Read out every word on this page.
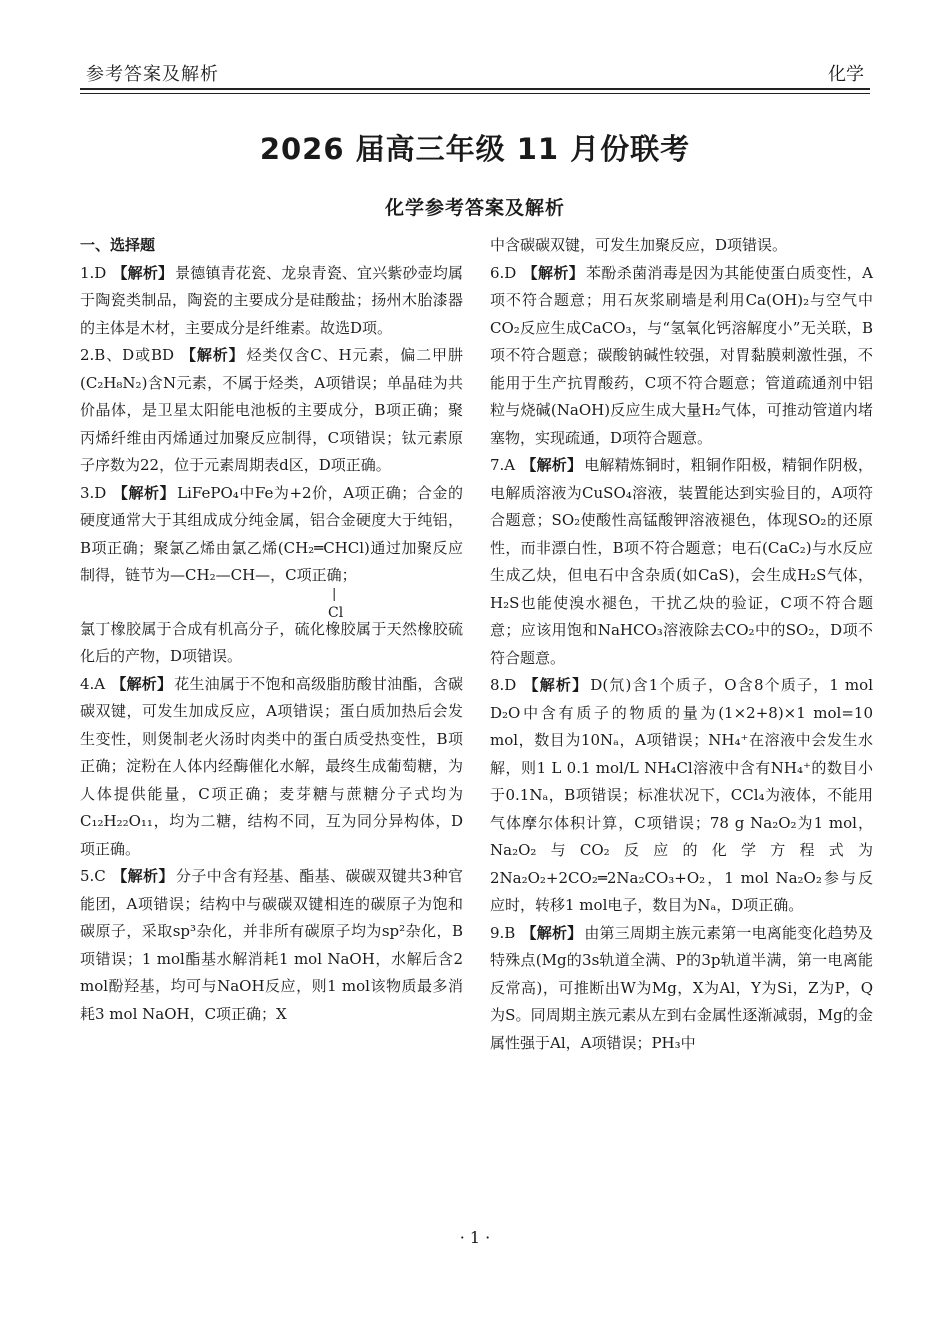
参考答案及解析	化学
2026 届高三年级 11 月份联考
化学参考答案及解析
一、选择题

1.D 【解析】 景德镇青花瓷、龙泉青瓷、宜兴紫砂壶均属于陶瓷类制品，陶瓷的主要成分是硅酸盐；扬州木胎漆器的主体是木材，主要成分是纤维素。故选D项。

2.B、D或BD 【解析】 烃类仅含C、H元素，偏二甲肼(C₂H₈N₂)含N元素，不属于烃类，A项错误；单晶硅为共价晶体，是卫星太阳能电池板的主要成分，B项正确；聚丙烯纤维由丙烯通过加聚反应制得，C项错误；钛元素原子序数为22，位于元素周期表d区，D项正确。

3.D 【解析】 LiFePO₄中Fe为+2价，A项正确；合金的硬度通常大于其组成成分纯金属，铝合金硬度大于纯铝，B项正确；聚氯乙烯由氯乙烯(CH₂═CHCl)通过加聚反应制得，链节为—CH₂—CH—，C项正确；

|
Cl

氯丁橡胶属于合成有机高分子，硫化橡胶属于天然橡胶硫化后的产物，D项错误。

4.A 【解析】 花生油属于不饱和高级脂肪酸甘油酯，含碳碳双键，可发生加成反应，A项错误；蛋白质加热后会发生变性，则煲制老火汤时肉类中的蛋白质受热变性，B项正确；淀粉在人体内经酶催化水解，最终生成葡萄糖，为人体提供能量，C项正确；麦芽糖与蔗糖分子式均为C₁₂H₂₂O₁₁，均为二糖，结构不同，互为同分异构体，D项正确。

5.C 【解析】 分子中含有羟基、酯基、碳碳双键共3种官能团，A项错误；结构中与碳碳双键相连的碳原子为饱和碳原子，采取sp³杂化，并非所有碳原子均为sp²杂化，B项错误；1 mol酯基水解消耗1 mol NaOH，水解后含2 mol酚羟基，均可与NaOH反应，则1 mol该物质最多消耗3 mol NaOH，C项正确；X

中含碳碳双键，可发生加聚反应，D项错误。

6.D 【解析】 苯酚杀菌消毒是因为其能使蛋白质变性，A项不符合题意；用石灰浆刷墙是利用Ca(OH)₂与空气中CO₂反应生成CaCO₃，与“氢氧化钙溶解度小”无关联，B项不符合题意；碳酸钠碱性较强，对胃黏膜刺激性强，不能用于生产抗胃酸药，C项不符合题意；管道疏通剂中铝粒与烧碱(NaOH)反应生成大量H₂气体，可推动管道内堵塞物，实现疏通，D项符合题意。

7.A 【解析】 电解精炼铜时，粗铜作阳极，精铜作阴极，电解质溶液为CuSO₄溶液，装置能达到实验目的，A项符合题意；SO₂使酸性高锰酸钾溶液褪色，体现SO₂的还原性，而非漂白性，B项不符合题意；电石(CaC₂)与水反应生成乙炔，但电石中含杂质(如CaS)，会生成H₂S气体，H₂S也能使溴水褪色，干扰乙炔的验证，C项不符合题意；应该用饱和NaHCO₃溶液除去CO₂中的SO₂，D项不符合题意。

8.D 【解析】 D(氘)含1个质子，O含8个质子，1 mol D₂O中含有质子的物质的量为(1×2+8)×1 mol=10 mol，数目为10Nₐ，A项错误；NH₄⁺在溶液中会发生水解，则1 L 0.1 mol/L NH₄Cl溶液中含有NH₄⁺的数目小于0.1Nₐ，B项错误；标准状况下，CCl₄为液体，不能用气体摩尔体积计算，C项错误；78 g Na₂O₂为1 mol，Na₂O₂与CO₂反应的化学方程式为2Na₂O₂+2CO₂═2Na₂CO₃+O₂，1 mol Na₂O₂参与反应时，转移1 mol电子，数目为Nₐ，D项正确。

9.B 【解析】 由第三周期主族元素第一电离能变化趋势及特殊点(Mg的3s轨道全满、P的3p轨道半满，第一电离能反常高)，可推断出W为Mg，X为Al，Y为Si，Z为P，Q为S。同周期主族元素从左到右金属性逐渐减弱，Mg的金属性强于Al，A项错误；PH₃中

· 1 ·
